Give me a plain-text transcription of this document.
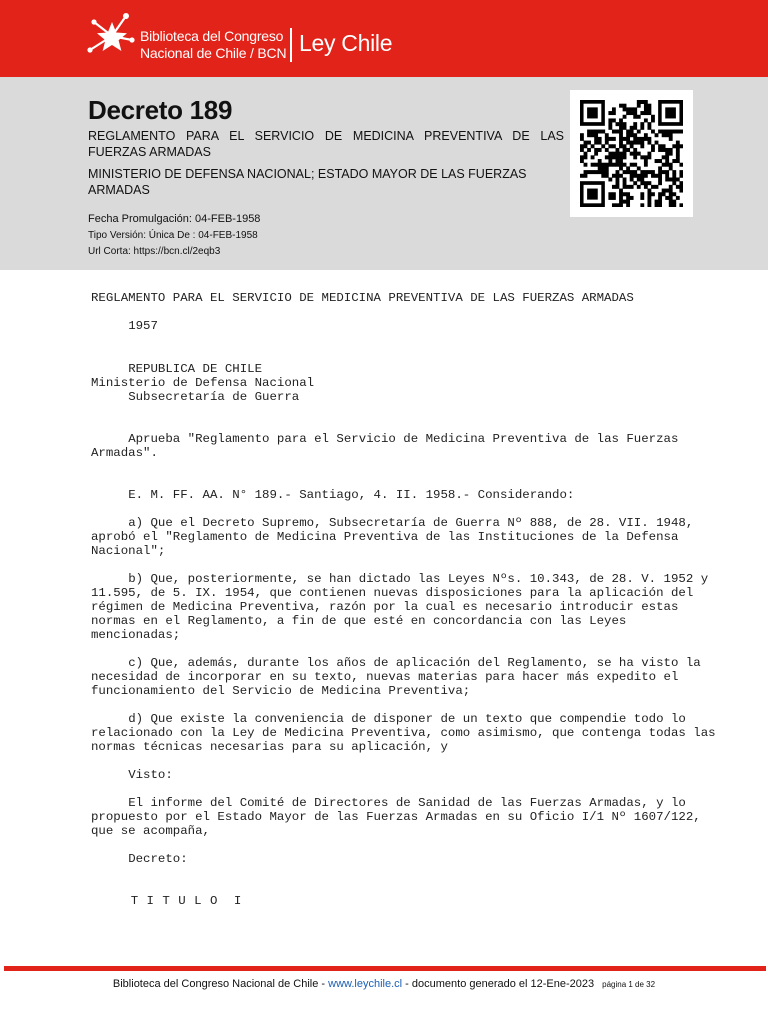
Biblioteca del Congreso
Nacional de Chile / BCN Ley Chile
Decreto 189

REGLAMENTO PARA EL SERVICIO DE MEDICINA PREVENTIVA DE LAS FUERZAS ARMADAS

MINISTERIO DE DEFENSA NACIONAL; ESTADO MAYOR DE LAS FUERZAS ARMADAS

Fecha Promulgación: 04-FEB-1958
Tipo Versión: Única De : 04-FEB-1958
Url Corta: https://bcn.cl/2eqb3

REGLAMENTO PARA EL SERVICIO DE MEDICINA PREVENTIVA DE LAS FUERZAS ARMADAS

1957

REPUBLICA DE CHILE
Ministerio de Defensa Nacional
Subsecretaría de Guerra

Aprueba "Reglamento para el Servicio de Medicina Preventiva de las Fuerzas
Armadas".

E. M. FF. AA. N° 189.- Santiago, 4. II. 1958.- Considerando:

a) Que el Decreto Supremo, Subsecretaría de Guerra Nº 888, de 28. VII. 1948,
aprobó el "Reglamento de Medicina Preventiva de las Instituciones de la Defensa
Nacional";

b) Que, posteriormente, se han dictado las Leyes Nºs. 10.343, de 28. V. 1952 y
11.595, de 5. IX. 1954, que contienen nuevas disposiciones para la aplicación del
régimen de Medicina Preventiva, razón por la cual es necesario introducir estas
normas en el Reglamento, a fin de que esté en concordancia con las Leyes
mencionadas;

c) Que, además, durante los años de aplicación del Reglamento, se ha visto la
necesidad de incorporar en su texto, nuevas materias para hacer más expedito el
funcionamiento del Servicio de Medicina Preventiva;

d) Que existe la conveniencia de disponer de un texto que compendie todo lo
relacionado con la Ley de Medicina Preventiva, como asimismo, que contenga todas las
normas técnicas necesarias para su aplicación, y

Visto:

El informe del Comité de Directores de Sanidad de las Fuerzas Armadas, y lo
propuesto por el Estado Mayor de las Fuerzas Armadas en su Oficio I/1 Nº 1607/122,
que se acompaña,

Decreto:

T I T U L O  I

Biblioteca del Congreso Nacional de Chile - www.leychile.cl - documento generado el 12-Ene-2023 página 1 de 32
